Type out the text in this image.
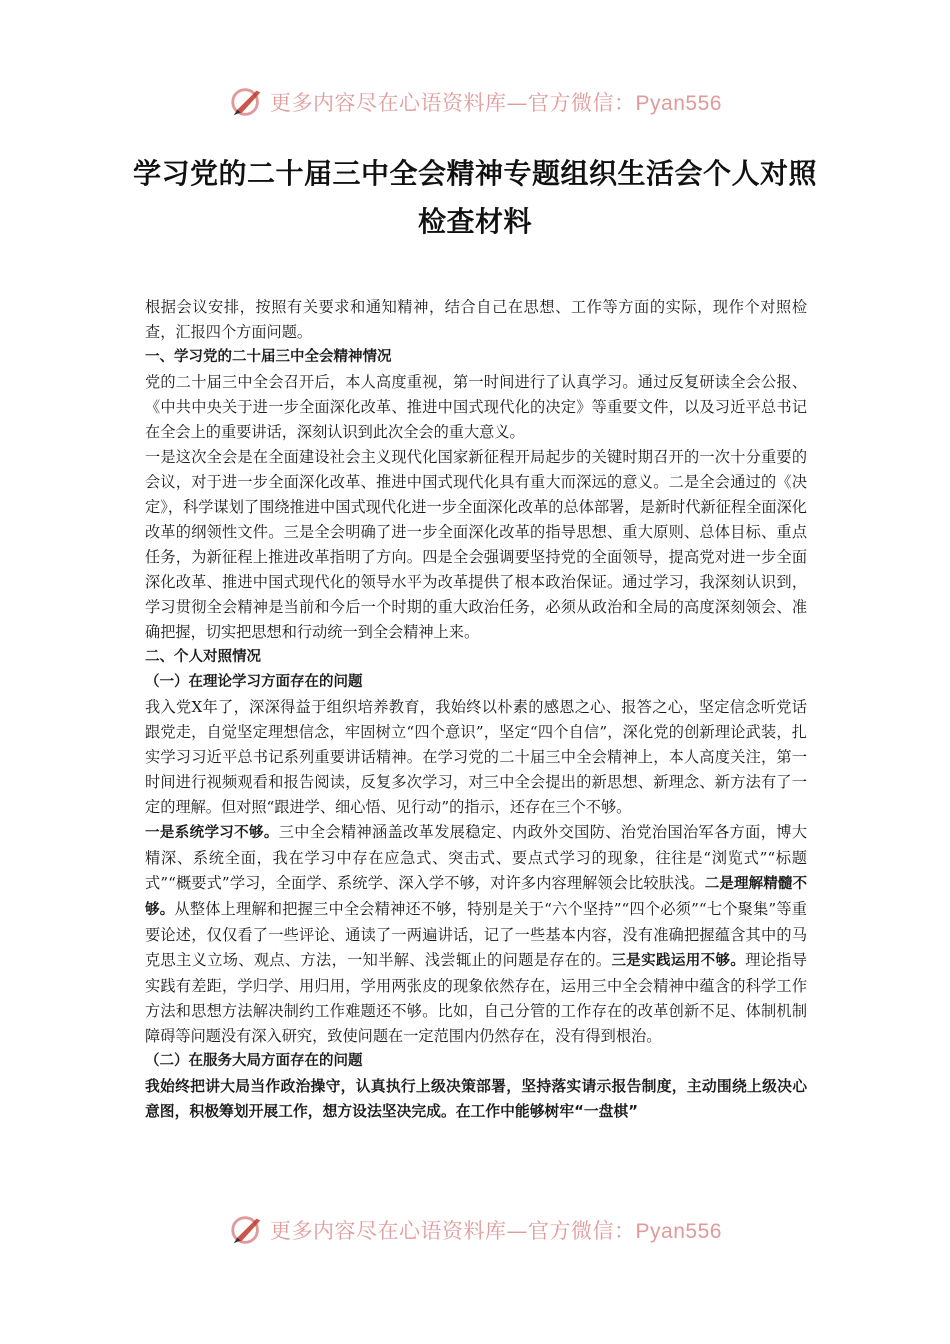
更多内容尽在心语资料库—官方微信：Pyan556
学习党的二十届三中全会精神专题组织生活会个人对照检查材料

根据会议安排，按照有关要求和通知精神，结合自己在思想、工作等方面的实际，现作个对照检查，汇报四个方面问题。

一、学习党的二十届三中全会精神情况

党的二十届三中全会召开后，本人高度重视，第一时间进行了认真学习。通过反复研读全会公报、《中共中央关于进一步全面深化改革、推进中国式现代化的决定》等重要文件，以及习近平总书记在全会上的重要讲话，深刻认识到此次全会的重大意义。

一是这次全会是在全面建设社会主义现代化国家新征程开局起步的关键时期召开的一次十分重要的会议，对于进一步全面深化改革、推进中国式现代化具有重大而深远的意义。二是全会通过的《决定》，科学谋划了围绕推进中国式现代化进一步全面深化改革的总体部署，是新时代新征程全面深化改革的纲领性文件。三是全会明确了进一步全面深化改革的指导思想、重大原则、总体目标、重点任务，为新征程上推进改革指明了方向。四是全会强调要坚持党的全面领导，提高党对进一步全面深化改革、推进中国式现代化的领导水平为改革提供了根本政治保证。通过学习，我深刻认识到，学习贯彻全会精神是当前和今后一个时期的重大政治任务，必须从政治和全局的高度深刻领会、准确把握，切实把思想和行动统一到全会精神上来。

二、个人对照情况

（一）在理论学习方面存在的问题

我入党X年了，深深得益于组织培养教育，我始终以朴素的感恩之心、报答之心，坚定信念听党话跟党走，自觉坚定理想信念，牢固树立“四个意识”，坚定“四个自信”，深化党的创新理论武装，扎实学习习近平总书记系列重要讲话精神。在学习党的二十届三中全会精神上，本人高度关注，第一时间进行视频观看和报告阅读，反复多次学习，对三中全会提出的新思想、新理念、新方法有了一定的理解。但对照“跟进学、细心悟、见行动”的指示，还存在三个不够。

一是系统学习不够。三中全会精神涵盖改革发展稳定、内政外交国防、治党治国治军各方面，博大精深、系统全面，我在学习中存在应急式、突击式、要点式学习的现象，往往是“浏览式”“标题式”“概要式”学习，全面学、系统学、深入学不够，对许多内容理解领会比较肤浅。二是理解精髓不够。从整体上理解和把握三中全会精神还不够，特别是关于“六个坚持”“四个必须”“七个聚集”等重要论述，仅仅看了一些评论、通读了一两遍讲话，记了一些基本内容，没有准确把握蕴含其中的马克思主义立场、观点、方法，一知半解、浅尝辄止的问题是存在的。三是实践运用不够。理论指导实践有差距，学归学、用归用，学用两张皮的现象依然存在，运用三中全会精神中蕴含的科学工作方法和思想方法解决制约工作难题还不够。比如，自己分管的工作存在的改革创新不足、体制机制障碍等问题没有深入研究，致使问题在一定范围内仍然存在，没有得到根治。

（二）在服务大局方面存在的问题

我始终把讲大局当作政治操守，认真执行上级决策部署，坚持落实请示报告制度，主动围绕上级决心意图，积极筹划开展工作，想方设法坚决完成。在工作中能够树牢“一盘棋”

更多内容尽在心语资料库—官方微信：Pyan556
